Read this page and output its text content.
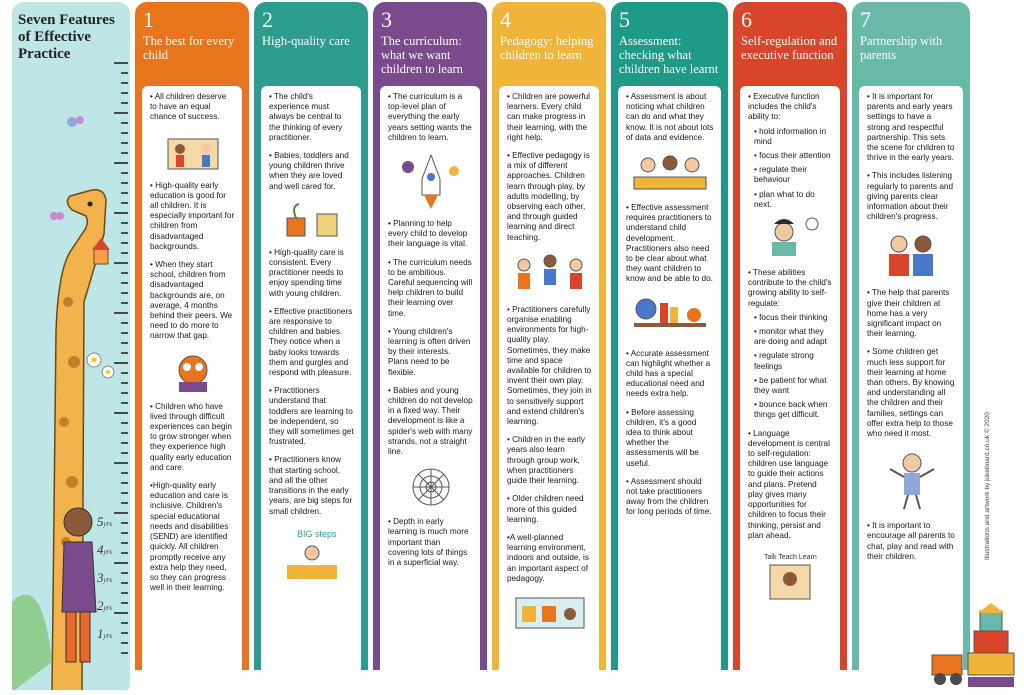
Seven Features of Effective Practice
5yrs
4yrs
3yrs
2yrs
1yrs
1
The best for every child
• All children deserve to have an equal chance of success.
• High-quality early education is good for all children. It is especially important for children from disadvantaged backgrounds.
• When they start school, children from disadvantaged backgrounds are, on average, 4 months behind their peers. We need to do more to narrow that gap.
• Children who have lived through difficult experiences can begin to grow stronger when they experience high quality early education and care.
•High-quality early education and care is inclusive. Children's special educational needs and disabilities (SEND) are identified quickly. All children promptly receive any extra help they need, so they can progress well in their learning.
2
High-quality care
• The child's experience must always be central to the thinking of every practitioner.
• Babies, toddlers and young children thrive when they are loved and well cared for.
• High-quality care is consistent. Every practitioner needs to enjoy spending time with young children.
• Effective practitioners are responsive to children and babies. They notice when a baby looks towards them and gurgles and respond with pleasure.
• Practitioners understand that toddlers are learning to be independent, so they will sometimes get frustrated.
• Practitioners know that starting school, and all the other transitions in the early years, are big steps for small children.
BIG steps
3
The curriculum: what we want children to learn
• The curriculum is a top-level plan of everything the early years setting wants the children to learn.
• Planning to help every child to develop their language is vital.
• The curriculum needs to be ambitious. Careful sequencing will help children to build their learning over time.
• Young children's learning is often driven by their interests. Plans need to be flexible.
• Babies and young children do not develop in a fixed way. Their development is like a spider's web with many strands, not a straight line.
• Depth in early learning is much more important than covering lots of things in a superficial way.
4
Pedagogy: helping children to learn
• Children are powerful learners. Every child can make progress in their learning, with the right help.
• Effective pedagogy is a mix of different approaches. Children learn through play, by adults modelling, by observing each other, and through guided learning and direct teaching.
• Practitioners carefully organise enabling environments for high-quality play. Sometimes, they make time and space available for children to invent their own play. Sometimes, they join in to sensitively support and extend children's learning.
• Children in the early years also learn through group work, when practitioners guide their learning.
• Older children need more of this guided learning.
•A well-planned learning environment, indoors and outside, is an important aspect of pedagogy.
5
Assessment: checking what children have learnt
• Assessment is about noticing what children can do and what they know. It is not about lots of data and evidence.
• Effective assessment requires practitioners to understand child development. Practitioners also need to be clear about what they want children to know and be able to do.
• Accurate assessment can highlight whether a child has a special educational need and needs extra help.
• Before assessing children, it's a good idea to think about whether the assessments will be useful.
• Assessment should not take practitioners away from the children for long periods of time.
6
Self-regulation and executive function
• Executive function includes the child's ability to:
• hold information in mind
• focus their attention
• regulate their behaviour
• plan what to do next.
• These abilities contribute to the child's growing ability to self-regulate:
• focus their thinking
• monitor what they are doing and adapt
• regulate strong feelings
• be patient for what they want
• bounce back when things get difficult.
• Language development is central to self-regulation: children use language to guide their actions and plans. Pretend play gives many opportunities for children to focus their thinking, persist and plan ahead.
Talk Teach Learn
7
Partnership with parents
• It is important for parents and early years settings to have a strong and respectful partnership. This sets the scene for children to thrive in the early years.
• This includes listening regularly to parents and giving parents clear information about their children's progress.
• The help that parents give their children at home has a very significant impact on their learning.
• Some children get much less support for their learning at home than others. By knowing and understanding all the children and their families, settings can offer extra help to those who need it most.
• It is important to encourage all parents to chat, play and read with their children.	Illustrations and artwork by jukeboard.co.uk © 2020
